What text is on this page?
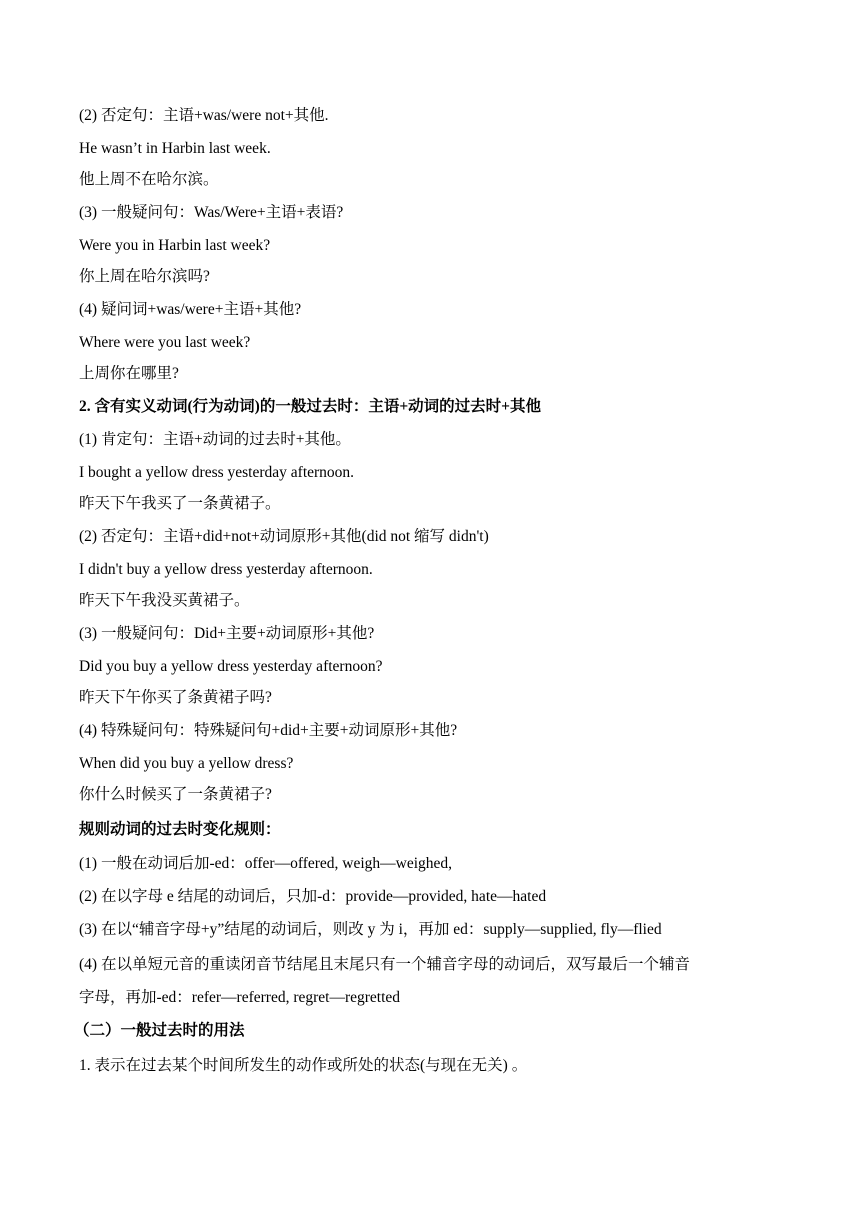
(2) 否定句：主语+was/were not+其他.
He wasn’t in Harbin last week.
他上周不在哈尔滨。
(3) 一般疑问句：Was/Were+主语+表语?
Were you in Harbin last week?
你上周在哈尔滨吗?
(4) 疑问词+was/were+主语+其他?
Where were you last week?
上周你在哪里?
2. 含有实义动词(行为动词)的一般过去时：主语+动词的过去时+其他
(1) 肯定句：主语+动词的过去时+其他。
I bought a yellow dress yesterday afternoon.
昨天下午我买了一条黄裙子。
(2) 否定句：主语+did+not+动词原形+其他(did not 缩写 didn't)
I didn't buy a yellow dress yesterday afternoon.
昨天下午我没买黄裙子。
(3) 一般疑问句：Did+主要+动词原形+其他?
Did you buy a yellow dress yesterday afternoon?
昨天下午你买了条黄裙子吗?
(4) 特殊疑问句：特殊疑问句+did+主要+动词原形+其他?
When did you buy a yellow dress?
你什么时候买了一条黄裙子?
规则动词的过去时变化规则：
(1) 一般在动词后加-ed：offer—offered, weigh—weighed,
(2) 在以字母 e 结尾的动词后，只加-d：provide—provided, hate—hated
(3) 在以“辅音字母+y”结尾的动词后，则改 y 为 i，再加 ed：supply—supplied, fly—flied
(4) 在以单短元音的重读闭音节结尾且末尾只有一个辅音字母的动词后，双写最后一个辅音
字母，再加-ed：refer—referred, regret—regretted
（二）一般过去时的用法
1. 表示在过去某个时间所发生的动作或所处的状态(与现在无关) 。
